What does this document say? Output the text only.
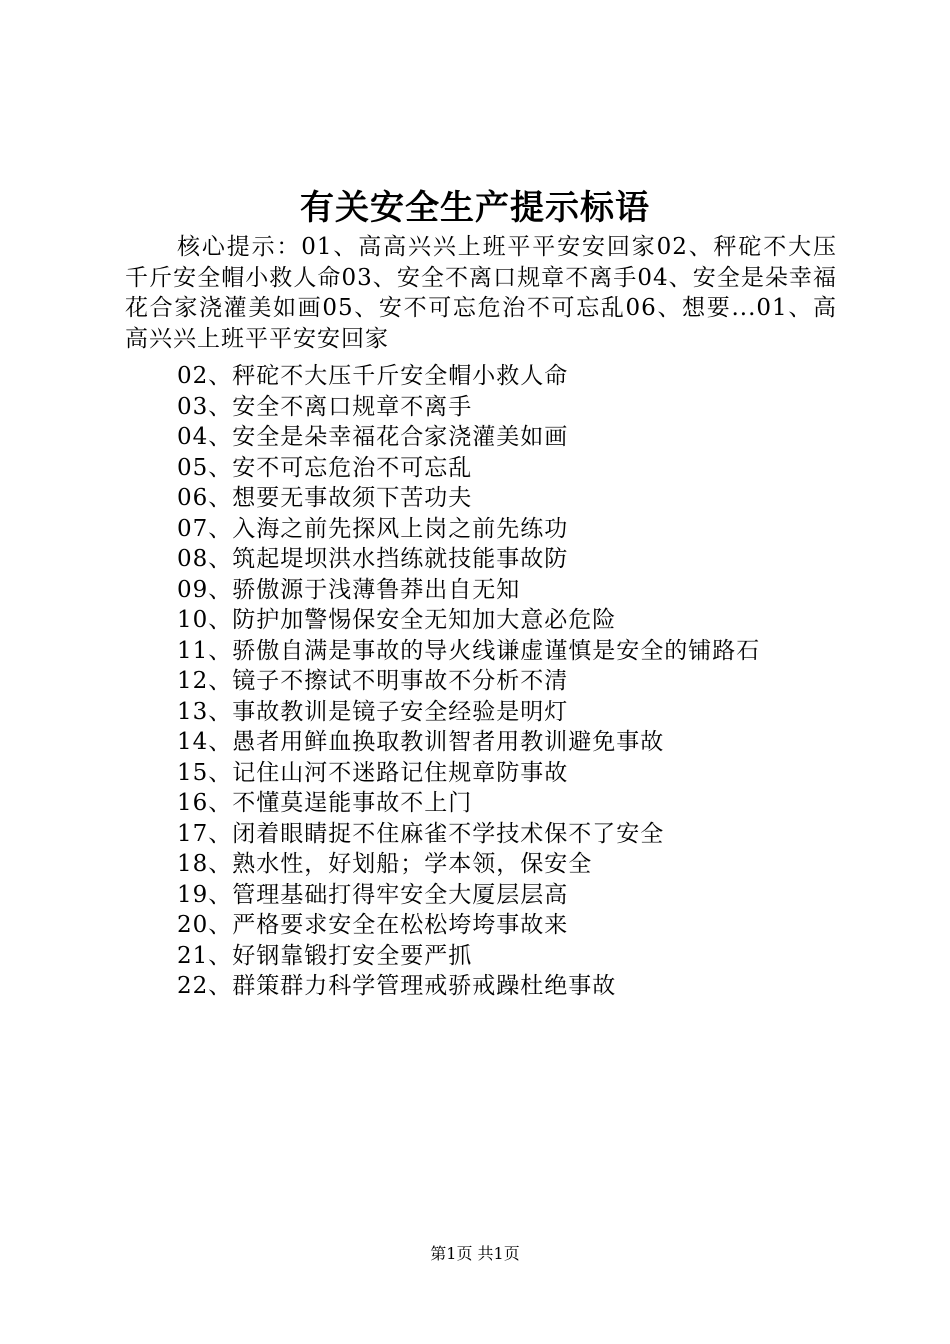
有关安全生产提示标语
核心提示：01、高高兴兴上班平平安安回家02、秤砣不大压千斤安全帽小救人命03、安全不离口规章不离手04、安全是朵幸福花合家浇灌美如画05、安不可忘危治不可忘乱06、想要...01、高高兴兴上班平平安安回家
02、秤砣不大压千斤安全帽小救人命
03、安全不离口规章不离手
04、安全是朵幸福花合家浇灌美如画
05、安不可忘危治不可忘乱
06、想要无事故须下苦功夫
07、入海之前先探风上岗之前先练功
08、筑起堤坝洪水挡练就技能事故防
09、骄傲源于浅薄鲁莽出自无知
10、防护加警惕保安全无知加大意必危险
11、骄傲自满是事故的导火线谦虚谨慎是安全的铺路石
12、镜子不擦试不明事故不分析不清
13、事故教训是镜子安全经验是明灯
14、愚者用鲜血换取教训智者用教训避免事故
15、记住山河不迷路记住规章防事故
16、不懂莫逞能事故不上门
17、闭着眼睛捉不住麻雀不学技术保不了安全
18、熟水性，好划船；学本领，保安全
19、管理基础打得牢安全大厦层层高
20、严格要求安全在松松垮垮事故来
21、好钢靠锻打安全要严抓
22、群策群力科学管理戒骄戒躁杜绝事故
第1页 共1页
